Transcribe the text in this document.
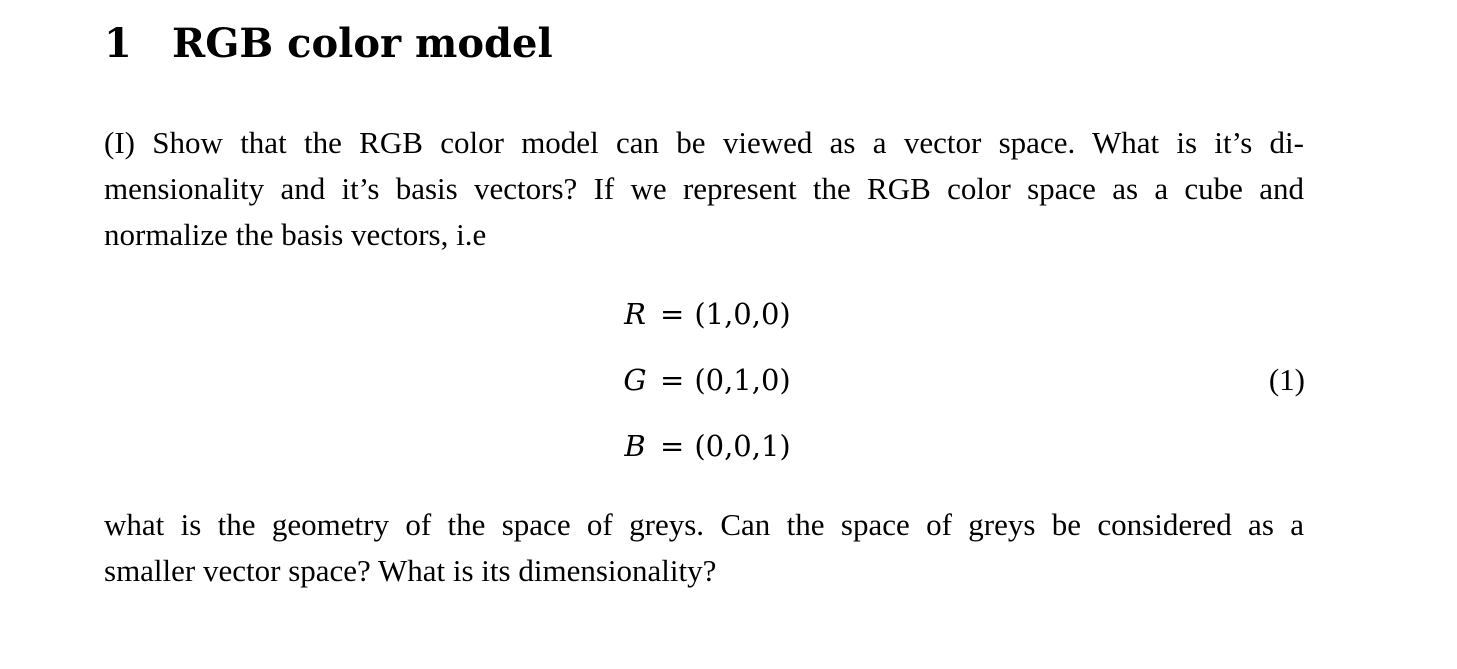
1 RGB color model

(I) Show that the RGB color model can be viewed as a vector space. What is it’s di-
mensionality and it’s basis vectors? If we represent the RGB color space as a cube and
normalize the basis vectors, i.e

R = (1,0,0)
G = (0,1,0)
B = (0,0,1)
(1)

what is the geometry of the space of greys. Can the space of greys be considered as a
smaller vector space? What is its dimensionality?
